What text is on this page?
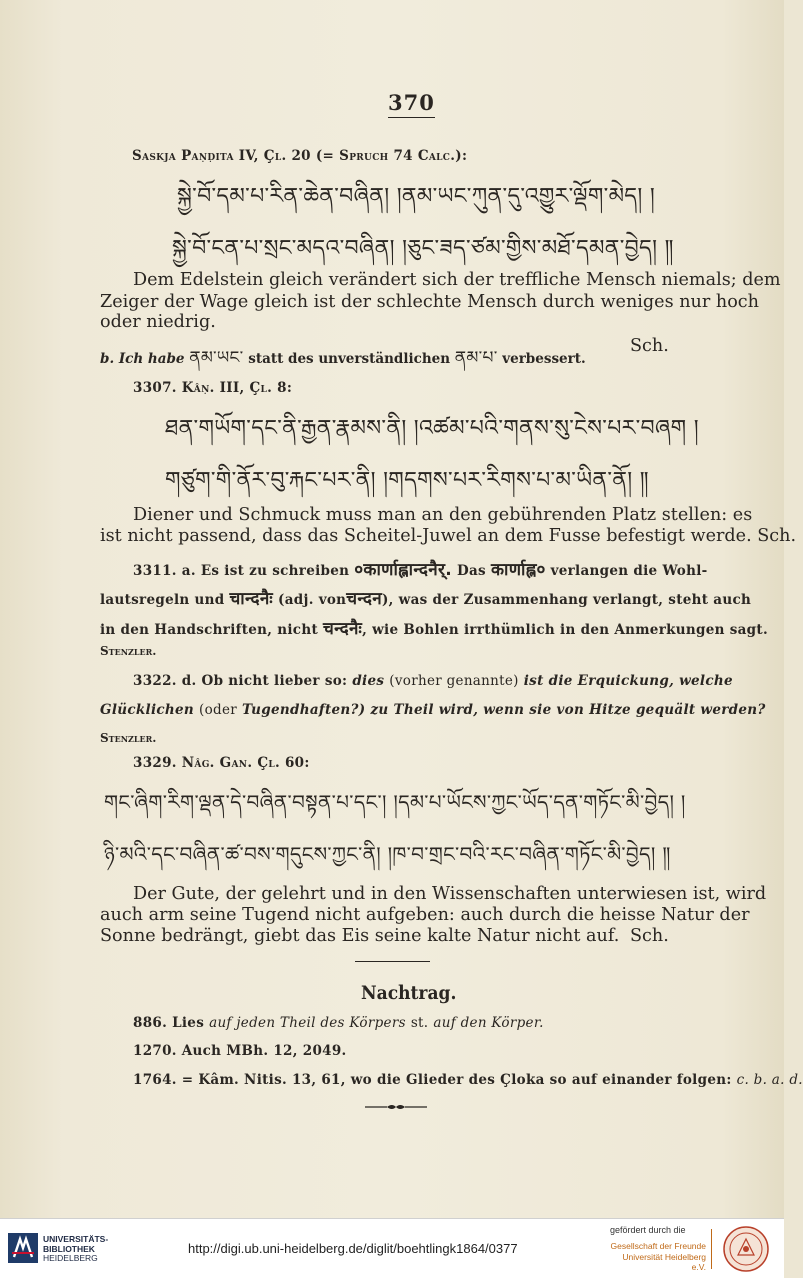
370
Saskja Paṇḍita IV, Çl. 20 (= Spruch 74 Calc.):
སྐྱེ་བོ་དམ་པ་རིན་ཆེན་བཞིན། །ནམ་ཡང་ཀུན་དུ་འགྱུར་ལྡོག་མེད། །
སྐྱེ་བོ་ངན་པ་སྲང་མདའ་བཞིན། །ཅུང་ཟད་ཙམ་གྱིས་མཐོ་དམན་བྱེད། ༎
Dem Edelstein gleich verändert sich der treffliche Mensch niemals; dem
Zeiger der Wage gleich ist der schlechte Mensch durch weniges nur hoch
oder niedrig.
b. Ich habe ནམ་ཡང་ statt des unverständlichen ནམ་པ་ verbessert.
Sch.
3307. Kâṇ. III, Çl. 8:
ཐན་གཡོག་དང་ནི་རྒྱན་རྣམས་ནི། །འཚམ་པའི་གནས་སུ་ངེས་པར་བཞག །
གཙུག་གི་ནོར་བུ་རྐང་པར་ནི། །གདགས་པར་རིགས་པ་མ་ཡིན་ནོ། ༎
Diener und Schmuck muss man an den gebührenden Platz stellen: es
ist nicht passend, dass das Scheitel-Juwel an dem Fusse befestigt werde. Sch.
3311. a. Es ist zu schreiben ०कार्णाह्लान्दनैर्. Das कार्णाह्ल० verlangen die Wohl-
lautsregeln und चान्दनैः (adj. vonचन्दन), was der Zusammenhang verlangt, steht auch
in den Handschriften, nicht चन्दनैः, wie Bohlen irrthümlich in den Anmerkungen sagt.
Stenzler.
3322. d. Ob nicht lieber so: dies (vorher genannte) ist die Erquickung, welche
Glücklichen (oder Tugendhaften?) zu Theil wird, wenn sie von Hitze gequält werden?
Stenzler.
3329. Nâg. Gan. Çl. 60:
གང་ཞིག་རིག་ལྡན་དེ་བཞིན་བསྟན་པ་དང་། །དམ་པ་ཡོངས་ཀྱང་ཡོད་དན་གཏོང་མི་བྱེད། །
ཉི་མའི་དང་བཞིན་ཚ་བས་གདུངས་ཀྱང་ནི། །ཁ་བ་གྲང་བའི་རང་བཞིན་གཏོང་མི་བྱེད། ༎
Der Gute, der gelehrt und in den Wissenschaften unterwiesen ist, wird
auch arm seine Tugend nicht aufgeben: auch durch die heisse Natur der
Sonne bedrängt, giebt das Eis seine kalte Natur nicht auf. Sch.
Nachtrag.
886. Lies auf jeden Theil des Körpers st. auf den Körper.
1270. Auch MBh. 12, 2049.
1764. = Kâm. Nitis. 13, 61, wo die Glieder des Çloka so auf einander folgen: c. b. a. d.
UNIVERSITÄTS-
BIBLIOTHEK
HEIDELBERG
http://digi.ub.uni-heidelberg.de/diglit/boehtlingk1864/0377
gefördert durch die
Gesellschaft der Freunde
Universität Heidelberg e.V.
